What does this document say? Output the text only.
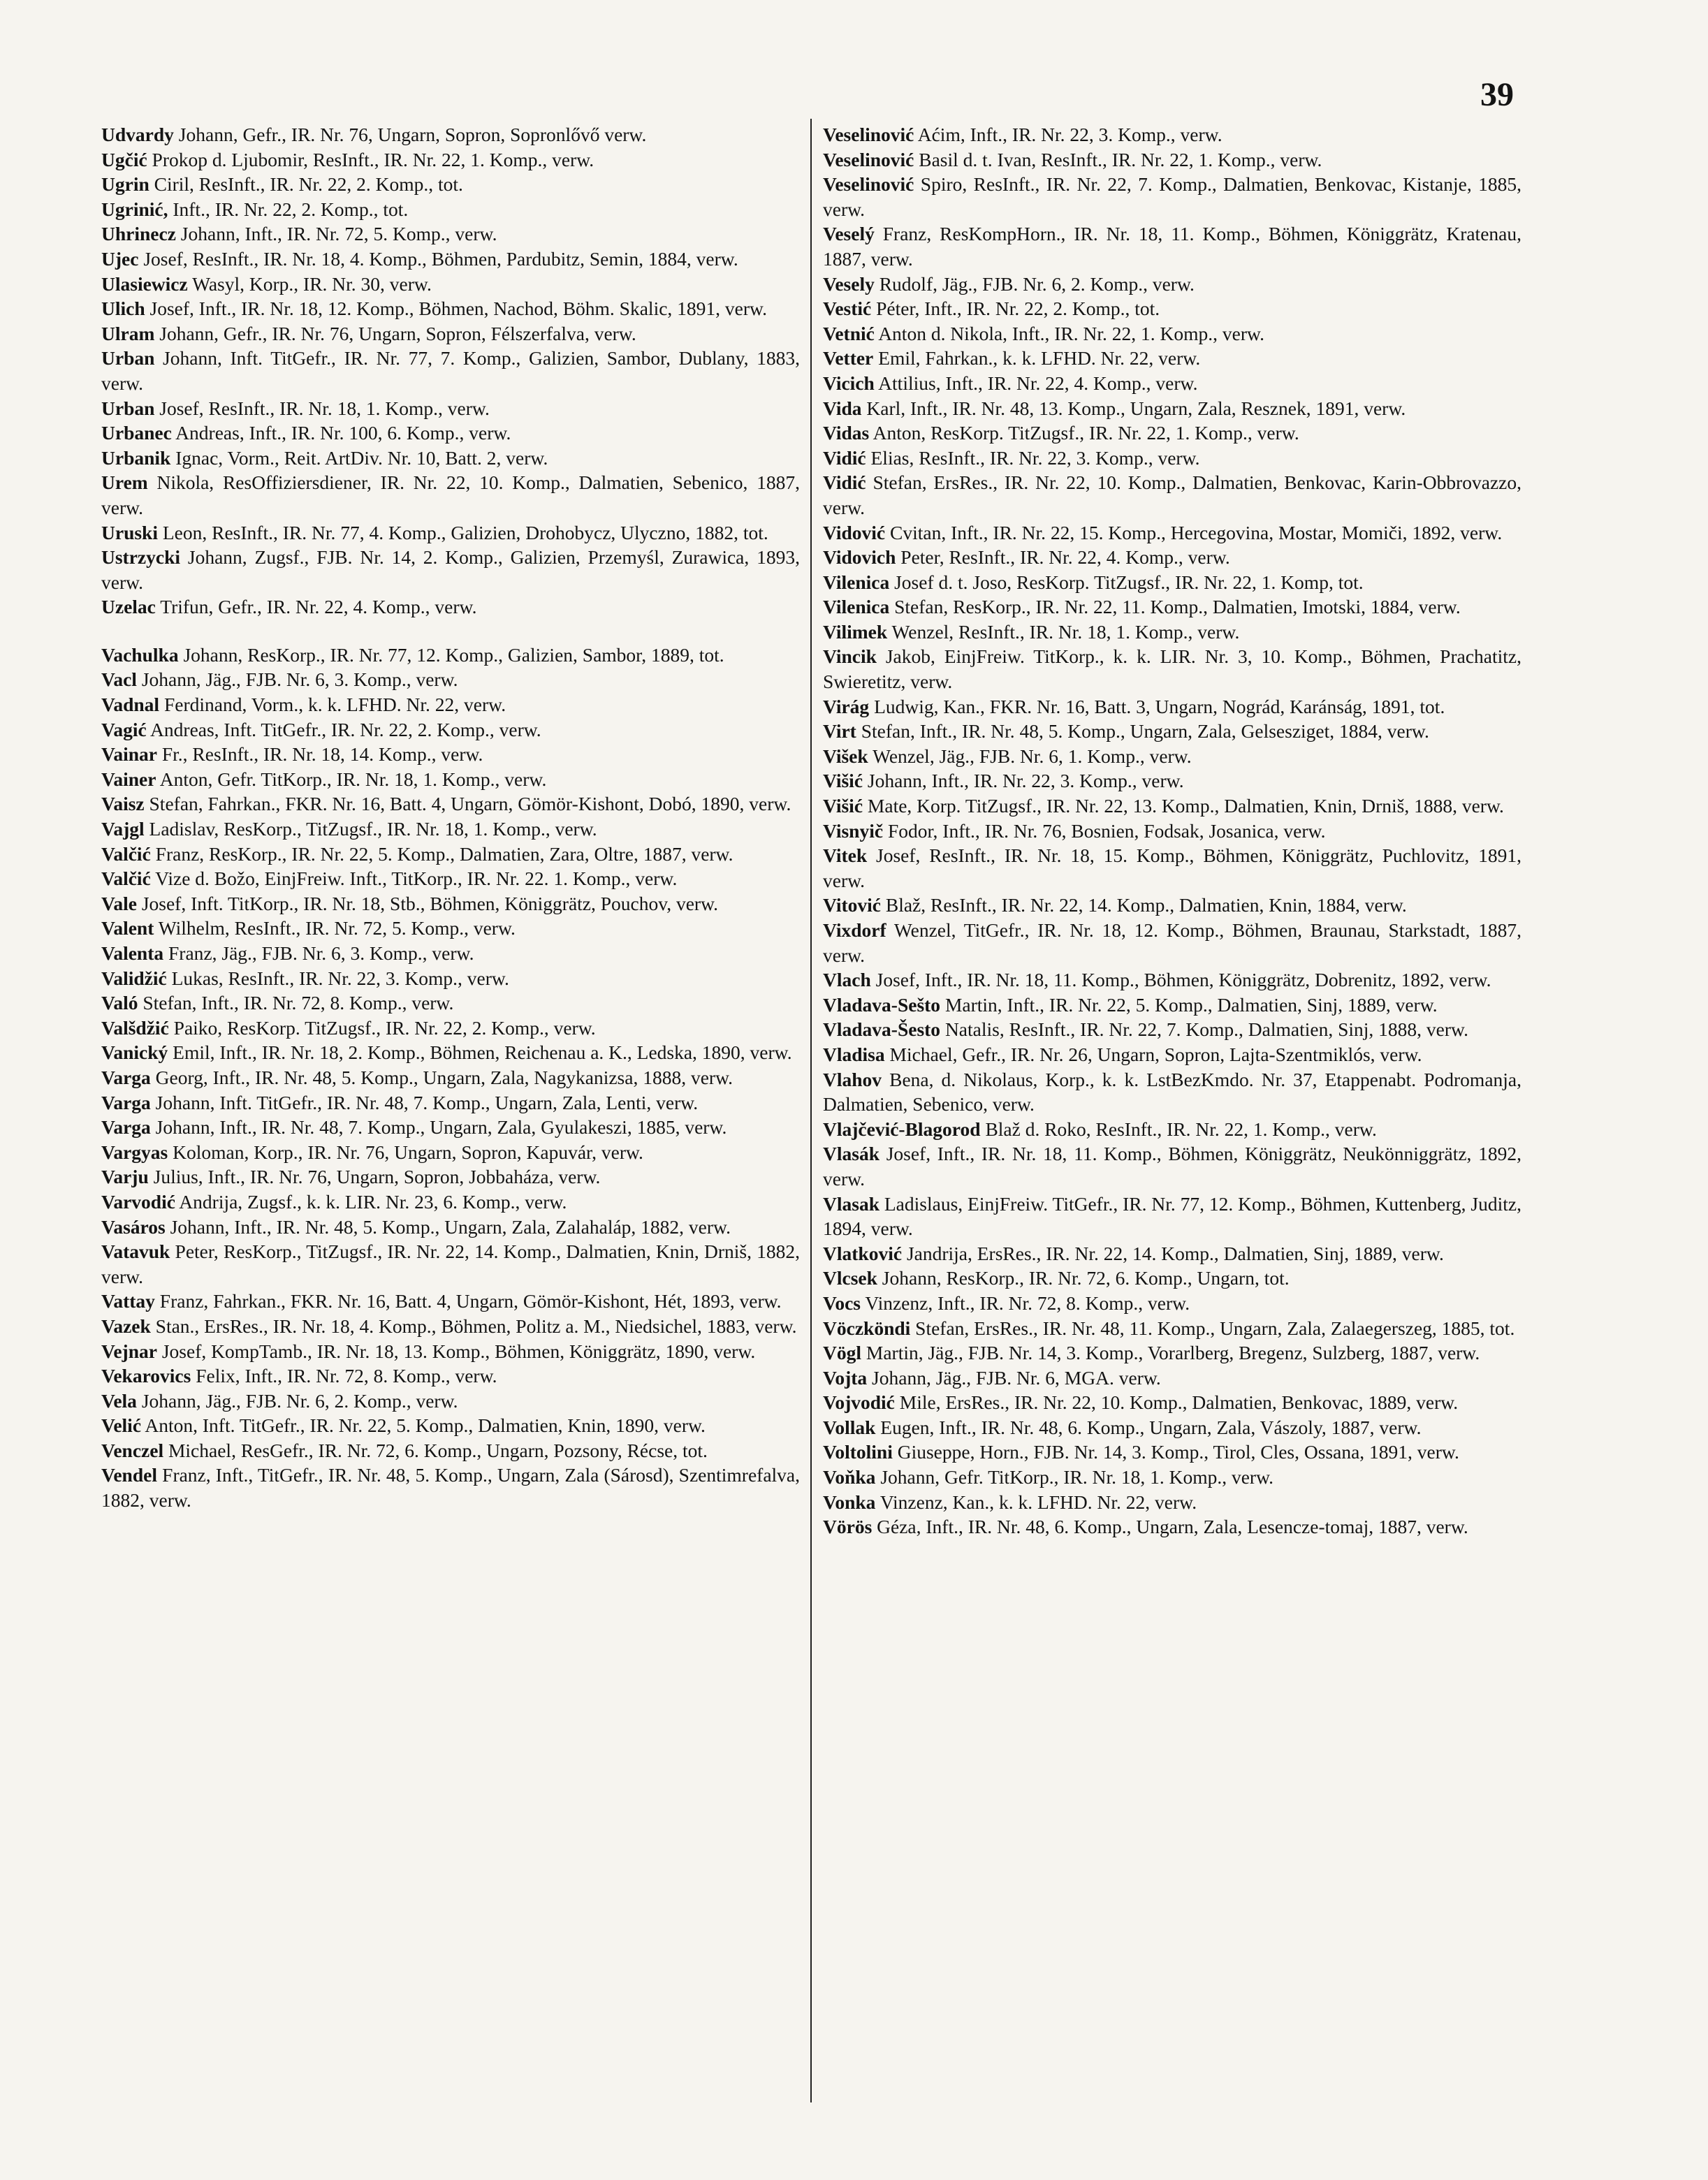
39
Udvardy Johann, Gefr., IR. Nr. 76, Ungarn, Sopron, Sopronlővő verw.
Ugčić Prokop d. Ljubomir, ResInft., IR. Nr. 22, 1. Komp., verw.
Ugrin Ciril, ResInft., IR. Nr. 22, 2. Komp., tot.
Ugrinić, Inft., IR. Nr. 22, 2. Komp., tot.
Uhrinecz Johann, Inft., IR. Nr. 72, 5. Komp., verw.
Ujec Josef, ResInft., IR. Nr. 18, 4. Komp., Böhmen, Pardubitz, Semin, 1884, verw.
Ulasiewicz Wasyl, Korp., IR. Nr. 30, verw.
Ulich Josef, Inft., IR. Nr. 18, 12. Komp., Böhmen, Nachod, Böhm. Skalic, 1891, verw.
Ulram Johann, Gefr., IR. Nr. 76, Ungarn, Sopron, Félszerfalva, verw.
Urban Johann, Inft. TitGefr., IR. Nr. 77, 7. Komp., Galizien, Sambor, Dublany, 1883, verw.
Urban Josef, ResInft., IR. Nr. 18, 1. Komp., verw.
Urbanec Andreas, Inft., IR. Nr. 100, 6. Komp., verw.
Urbanik Ignac, Vorm., Reit. ArtDiv. Nr. 10, Batt. 2, verw.
Urem Nikola, ResOffiziersdiener, IR. Nr. 22, 10. Komp., Dalmatien, Sebenico, 1887, verw.
Uruski Leon, ResInft., IR. Nr. 77, 4. Komp., Galizien, Drohobycz, Ulyczno, 1882, tot.
Ustrzycki Johann, Zugsf., FJB. Nr. 14, 2. Komp., Galizien, Przemyśl, Zurawica, 1893, verw.
Uzelac Trifun, Gefr., IR. Nr. 22, 4. Komp., verw.
Vachulka Johann, ResKorp., IR. Nr. 77, 12. Komp., Galizien, Sambor, 1889, tot.
Vacl Johann, Jäg., FJB. Nr. 6, 3. Komp., verw.
Vadnal Ferdinand, Vorm., k. k. LFHD. Nr. 22, verw.
Vagić Andreas, Inft. TitGefr., IR. Nr. 22, 2. Komp., verw.
Vainar Fr., ResInft., IR. Nr. 18, 14. Komp., verw.
Vainer Anton, Gefr. TitKorp., IR. Nr. 18, 1. Komp., verw.
Vaisz Stefan, Fahrkan., FKR. Nr. 16, Batt. 4, Ungarn, Gömör-Kishont, Dobó, 1890, verw.
Vajgl Ladislav, ResKorp., TitZugsf., IR. Nr. 18, 1. Komp., verw.
Valčić Franz, ResKorp., IR. Nr. 22, 5. Komp., Dalmatien, Zara, Oltre, 1887, verw.
Valčić Vize d. Božo, EinjFreiw. Inft., TitKorp., IR. Nr. 22. 1. Komp., verw.
Vale Josef, Inft. TitKorp., IR. Nr. 18, Stb., Böhmen, Königgrätz, Pouchov, verw.
Valent Wilhelm, ResInft., IR. Nr. 72, 5. Komp., verw.
Valenta Franz, Jäg., FJB. Nr. 6, 3. Komp., verw.
Validžić Lukas, ResInft., IR. Nr. 22, 3. Komp., verw.
Való Stefan, Inft., IR. Nr. 72, 8. Komp., verw.
Valšdžić Paiko, ResKorp. TitZugsf., IR. Nr. 22, 2. Komp., verw.
Vanický Emil, Inft., IR. Nr. 18, 2. Komp., Böhmen, Reichenau a. K., Ledska, 1890, verw.
Varga Georg, Inft., IR. Nr. 48, 5. Komp., Ungarn, Zala, Nagykanizsa, 1888, verw.
Varga Johann, Inft. TitGefr., IR. Nr. 48, 7. Komp., Ungarn, Zala, Lenti, verw.
Varga Johann, Inft., IR. Nr. 48, 7. Komp., Ungarn, Zala, Gyulakeszi, 1885, verw.
Vargyas Koloman, Korp., IR. Nr. 76, Ungarn, Sopron, Kapuvár, verw.
Varju Julius, Inft., IR. Nr. 76, Ungarn, Sopron, Jobbaháza, verw.
Varvodić Andrija, Zugsf., k. k. LIR. Nr. 23, 6. Komp., verw.
Vasáros Johann, Inft., IR. Nr. 48, 5. Komp., Ungarn, Zala, Zalahaláp, 1882, verw.
Vatavuk Peter, ResKorp., TitZugsf., IR. Nr. 22, 14. Komp., Dalmatien, Knin, Drniš, 1882, verw.
Vattay Franz, Fahrkan., FKR. Nr. 16, Batt. 4, Ungarn, Gömör-Kishont, Hét, 1893, verw.
Vazek Stan., ErsRes., IR. Nr. 18, 4. Komp., Böhmen, Politz a. M., Niedsichel, 1883, verw.
Vejnar Josef, KompTamb., IR. Nr. 18, 13. Komp., Böhmen, Königgrätz, 1890, verw.
Vekarovics Felix, Inft., IR. Nr. 72, 8. Komp., verw.
Vela Johann, Jäg., FJB. Nr. 6, 2. Komp., verw.
Velić Anton, Inft. TitGefr., IR. Nr. 22, 5. Komp., Dalmatien, Knin, 1890, verw.
Venczel Michael, ResGefr., IR. Nr. 72, 6. Komp., Ungarn, Pozsony, Récse, tot.
Vendel Franz, Inft., TitGefr., IR. Nr. 48, 5. Komp., Ungarn, Zala (Sárosd), Szentimrefalva, 1882, verw.
Veselinović Aćim, Inft., IR. Nr. 22, 3. Komp., verw.
Veselinović Basil d. t. Ivan, ResInft., IR. Nr. 22, 1. Komp., verw.
Veselinović Spiro, ResInft., IR. Nr. 22, 7. Komp., Dalmatien, Benkovac, Kistanje, 1885, verw.
Veselý Franz, ResKompHorn., IR. Nr. 18, 11. Komp., Böhmen, Königgrätz, Kratenau, 1887, verw.
Vesely Rudolf, Jäg., FJB. Nr. 6, 2. Komp., verw.
Vestić Péter, Inft., IR. Nr. 22, 2. Komp., tot.
Vetnić Anton d. Nikola, Inft., IR. Nr. 22, 1. Komp., verw.
Vetter Emil, Fahrkan., k. k. LFHD. Nr. 22, verw.
Vicich Attilius, Inft., IR. Nr. 22, 4. Komp., verw.
Vida Karl, Inft., IR. Nr. 48, 13. Komp., Ungarn, Zala, Resznek, 1891, verw.
Vidas Anton, ResKorp. TitZugsf., IR. Nr. 22, 1. Komp., verw.
Vidić Elias, ResInft., IR. Nr. 22, 3. Komp., verw.
Vidić Stefan, ErsRes., IR. Nr. 22, 10. Komp., Dalmatien, Benkovac, Karin-Obbrovazzo, verw.
Vidović Cvitan, Inft., IR. Nr. 22, 15. Komp., Hercegovina, Mostar, Momiči, 1892, verw.
Vidovich Peter, ResInft., IR. Nr. 22, 4. Komp., verw.
Vilenica Josef d. t. Joso, ResKorp. TitZugsf., IR. Nr. 22, 1. Komp, tot.
Vilenica Stefan, ResKorp., IR. Nr. 22, 11. Komp., Dalmatien, Imotski, 1884, verw.
Vilimek Wenzel, ResInft., IR. Nr. 18, 1. Komp., verw.
Vincik Jakob, EinjFreiw. TitKorp., k. k. LIR. Nr. 3, 10. Komp., Böhmen, Prachatitz, Swieretitz, verw.
Virág Ludwig, Kan., FKR. Nr. 16, Batt. 3, Ungarn, Nográd, Karánság, 1891, tot.
Virt Stefan, Inft., IR. Nr. 48, 5. Komp., Ungarn, Zala, Gelsesziget, 1884, verw.
Višek Wenzel, Jäg., FJB. Nr. 6, 1. Komp., verw.
Višić Johann, Inft., IR. Nr. 22, 3. Komp., verw.
Višić Mate, Korp. TitZugsf., IR. Nr. 22, 13. Komp., Dalmatien, Knin, Drniš, 1888, verw.
Visnyič Fodor, Inft., IR. Nr. 76, Bosnien, Fodsak, Josanica, verw.
Vitek Josef, ResInft., IR. Nr. 18, 15. Komp., Böhmen, Königgrätz, Puchlovitz, 1891, verw.
Vitović Blaž, ResInft., IR. Nr. 22, 14. Komp., Dalmatien, Knin, 1884, verw.
Vixdorf Wenzel, TitGefr., IR. Nr. 18, 12. Komp., Böhmen, Braunau, Starkstadt, 1887, verw.
Vlach Josef, Inft., IR. Nr. 18, 11. Komp., Böhmen, Königgrätz, Dobrenitz, 1892, verw.
Vladava-Sešto Martin, Inft., IR. Nr. 22, 5. Komp., Dalmatien, Sinj, 1889, verw.
Vladava-Šesto Natalis, ResInft., IR. Nr. 22, 7. Komp., Dalmatien, Sinj, 1888, verw.
Vladisa Michael, Gefr., IR. Nr. 26, Ungarn, Sopron, Lajta-Szentmiklós, verw.
Vlahov Bena, d. Nikolaus, Korp., k. k. LstBezKmdo. Nr. 37, Etappenabt. Podromanja, Dalmatien, Sebenico, verw.
Vlajčević-Blagorod Blaž d. Roko, ResInft., IR. Nr. 22, 1. Komp., verw.
Vlasák Josef, Inft., IR. Nr. 18, 11. Komp., Böhmen, Königgrätz, Neukönniggrätz, 1892, verw.
Vlasak Ladislaus, EinjFreiw. TitGefr., IR. Nr. 77, 12. Komp., Böhmen, Kuttenberg, Juditz, 1894, verw.
Vlatković Jandrija, ErsRes., IR. Nr. 22, 14. Komp., Dalmatien, Sinj, 1889, verw.
Vlcsek Johann, ResKorp., IR. Nr. 72, 6. Komp., Ungarn, tot.
Vocs Vinzenz, Inft., IR. Nr. 72, 8. Komp., verw.
Vöczköndi Stefan, ErsRes., IR. Nr. 48, 11. Komp., Ungarn, Zala, Zalaegerszeg, 1885, tot.
Vögl Martin, Jäg., FJB. Nr. 14, 3. Komp., Vorarlberg, Bregenz, Sulzberg, 1887, verw.
Vojta Johann, Jäg., FJB. Nr. 6, MGA. verw.
Vojvodić Mile, ErsRes., IR. Nr. 22, 10. Komp., Dalmatien, Benkovac, 1889, verw.
Vollak Eugen, Inft., IR. Nr. 48, 6. Komp., Ungarn, Zala, Vászoly, 1887, verw.
Voltolini Giuseppe, Horn., FJB. Nr. 14, 3. Komp., Tirol, Cles, Ossana, 1891, verw.
Voňka Johann, Gefr. TitKorp., IR. Nr. 18, 1. Komp., verw.
Vonka Vinzenz, Kan., k. k. LFHD. Nr. 22, verw.
Vörös Géza, Inft., IR. Nr. 48, 6. Komp., Ungarn, Zala, Lesencze-tomaj, 1887, verw.
